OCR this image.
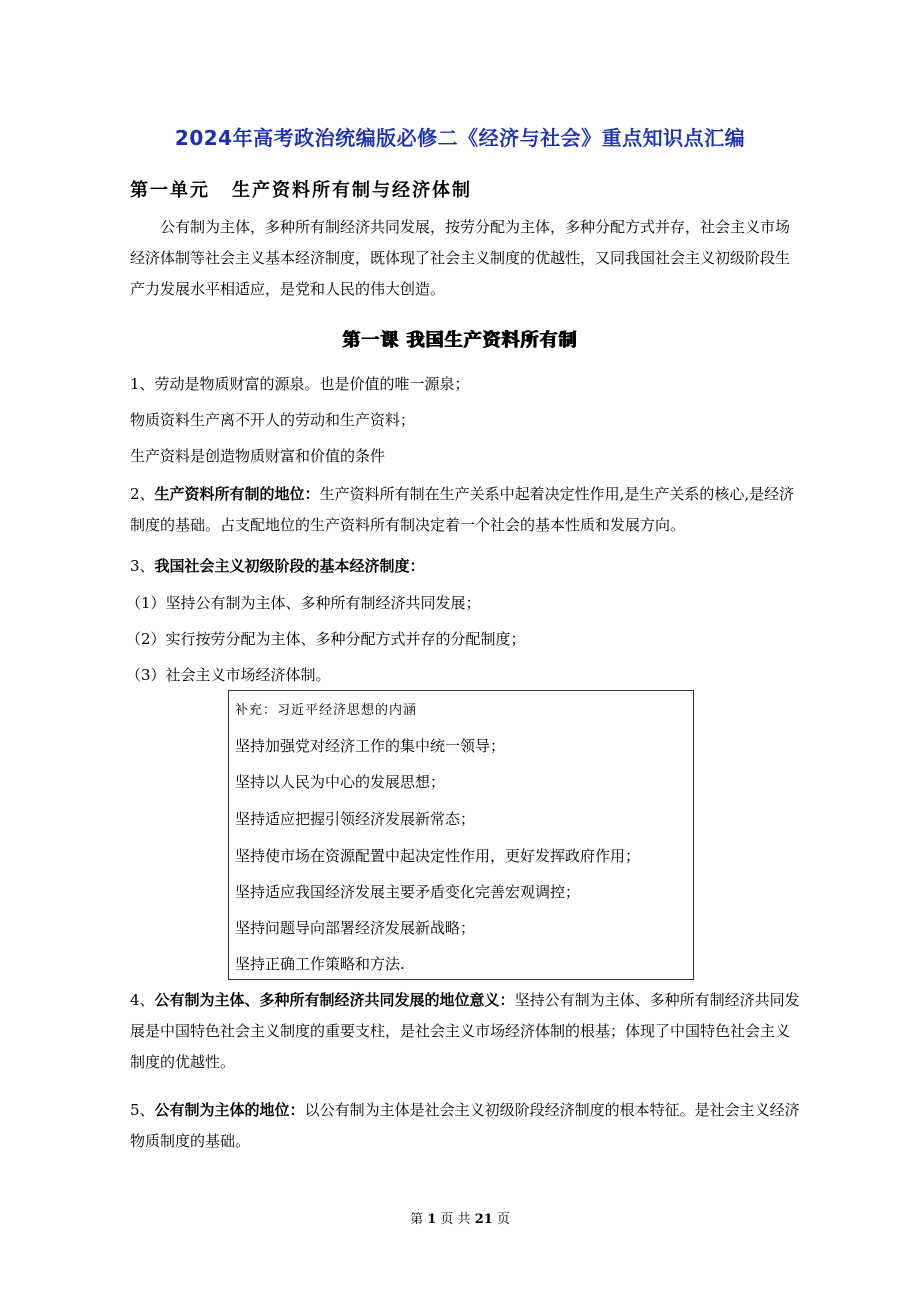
2024年高考政治统编版必修二《经济与社会》重点知识点汇编
第一单元 生产资料所有制与经济体制
公有制为主体，多种所有制经济共同发展，按劳分配为主体，多种分配方式并存，社会主义市场经济体制等社会主义基本经济制度，既体现了社会主义制度的优越性，又同我国社会主义初级阶段生产力发展水平相适应，是党和人民的伟大创造。
第一课 我国生产资料所有制
1、劳动是物质财富的源泉。也是价值的唯一源泉；
物质资料生产离不开人的劳动和生产资料；
生产资料是创造物质财富和价值的条件
2、生产资料所有制的地位：生产资料所有制在生产关系中起着决定性作用,是生产关系的核心,是经济制度的基础。占支配地位的生产资料所有制决定着一个社会的基本性质和发展方向。
3、我国社会主义初级阶段的基本经济制度：
（1）坚持公有制为主体、多种所有制经济共同发展；
（2）实行按劳分配为主体、多种分配方式并存的分配制度；
（3）社会主义市场经济体制。
补充：习近平经济思想的内涵
坚持加强党对经济工作的集中统一领导；
坚持以人民为中心的发展思想；
坚持适应把握引领经济发展新常态；
坚持使市场在资源配置中起决定性作用，更好发挥政府作用；
坚持适应我国经济发展主要矛盾变化完善宏观调控；
坚持问题导向部署经济发展新战略；
坚持正确工作策略和方法.
4、公有制为主体、多种所有制经济共同发展的地位意义：坚持公有制为主体、多种所有制经济共同发展是中国特色社会主义制度的重要支柱，是社会主义市场经济体制的根基；体现了中国特色社会主义制度的优越性。
5、公有制为主体的地位：以公有制为主体是社会主义初级阶段经济制度的根本特征。是社会主义经济物质制度的基础。
第 1 页 共 21 页
